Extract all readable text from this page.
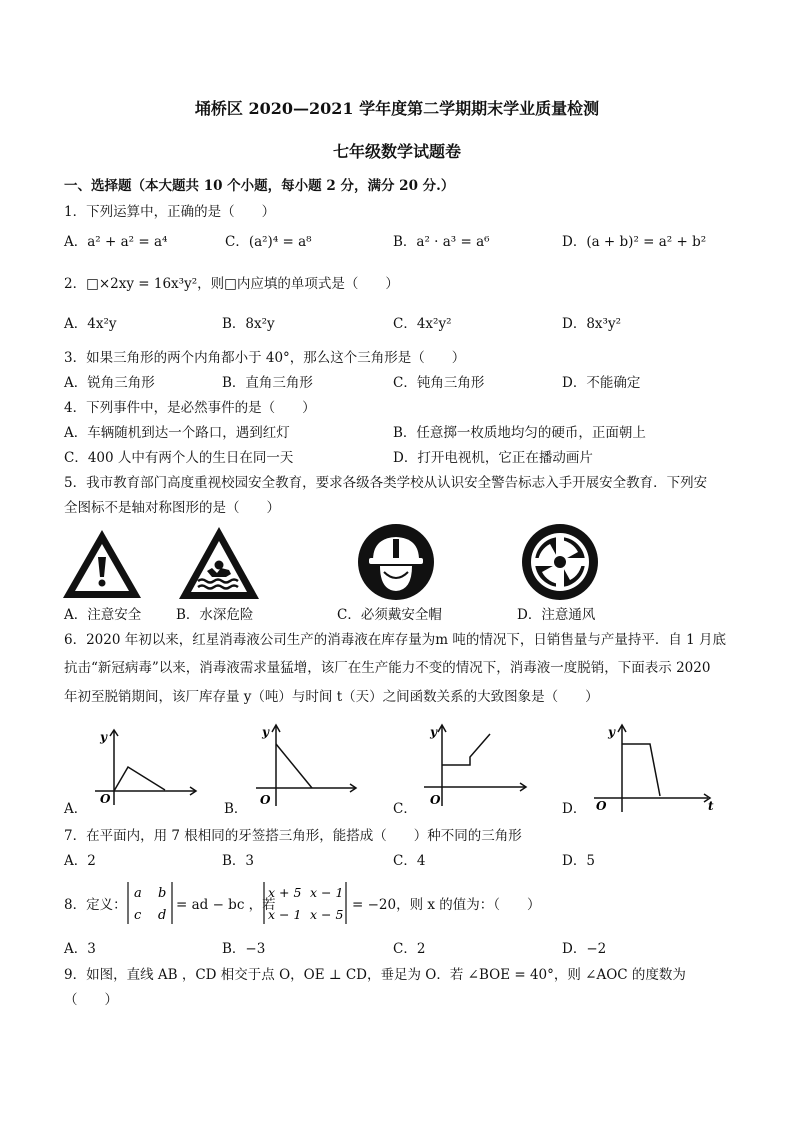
埇桥区 2020—2021 学年度第二学期期末学业质量检测
七年级数学试题卷
一、选择题（本大题共 10 个小题，每小题 2 分，满分 20 分.）
1．下列运算中，正确的是（　　）
A．a² + a² = a⁴	C．(a²)⁴ = a⁸	B．a² · a³ = a⁶	D．(a + b)² = a² + b²
2．□×2xy = 16x³y²，则□内应填的单项式是（　　）
A．4x²y	B．8x²y	C．4x²y²	D．8x³y²
3．如果三角形的两个内角都小于 40°，那么这个三角形是（　　）
A．锐角三角形	B．直角三角形	C．钝角三角形	D．不能确定
4．下列事件中，是必然事件的是（　　）
A．车辆随机到达一个路口，遇到红灯	B．任意掷一枚质地均匀的硬币，正面朝上
C．400 人中有两个人的生日在同一天	D．打开电视机，它正在播动画片
5．我市教育部门高度重视校园安全教育，要求各级各类学校从认识安全警告标志入手开展安全教育．下列安
全图标不是轴对称图形的是（　　）
A．注意安全	B．水深危险	C．必须戴安全帽	D．注意通风
6．2020 年初以来，红星消毒液公司生产的消毒液在库存量为m 吨的情况下，日销售量与产量持平．自 1 月底
抗击“新冠病毒”以来，消毒液需求量猛增，该厂在生产能力不变的情况下，消毒液一度脱销，下面表示 2020
年初至脱销期间，该厂库存量 y（吨）与时间 t（天）之间函数关系的大致图象是（　　）
y
O
A．
y
O
B．
y
O
C．
y
O	t
D．
7．在平面内，用 7 根相同的牙签搭三角形，能搭成（　　）种不同的三角形
A．2	B．3	C．4	D．5
8．定义：
a b
c d
= ad − bc ，若
x + 5 x − 1
x − 1 x − 5
= −20，则 x 的值为：（　　）
A．3	B．−3	C．2	D．−2
9．如图，直线 AB ，CD 相交于点 O，OE ⊥ CD，垂足为 O．若 ∠BOE = 40°，则 ∠AOC 的度数为
（　　）
